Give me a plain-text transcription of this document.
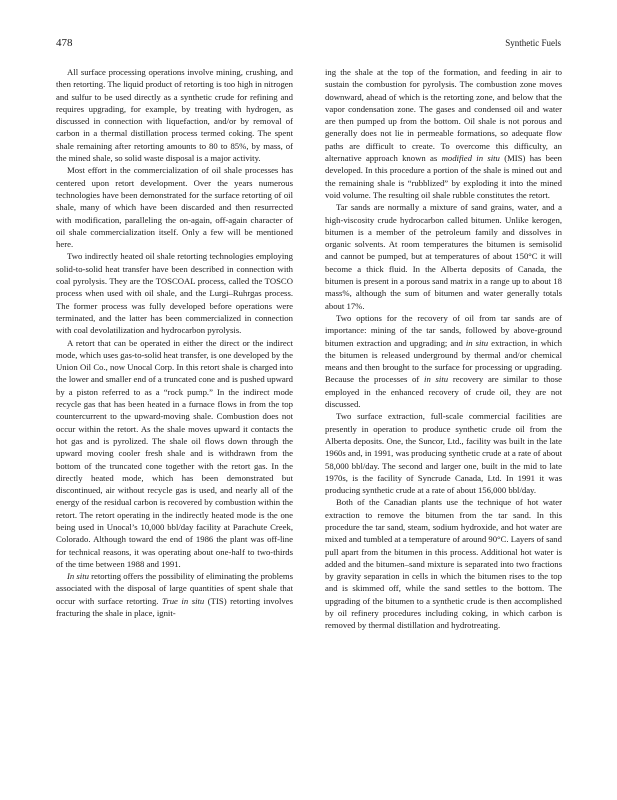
478	Synthetic Fuels

All surface processing operations involve mining, crushing, and then retorting. The liquid product of retorting is too high in nitrogen and sulfur to be used directly as a synthetic crude for refining and requires upgrading, for example, by treating with hydrogen, as discussed in connection with liquefaction, and/or by removal of carbon in a thermal distillation process termed coking. The spent shale remaining after retorting amounts to 80 to 85%, by mass, of the mined shale, so solid waste disposal is a major activity.

Most effort in the commercialization of oil shale processes has centered upon retort development. Over the years numerous technologies have been demonstrated for the surface retorting of oil shale, many of which have been discarded and then resurrected with modification, paralleling the on-again, off-again character of oil shale commercialization itself. Only a few will be mentioned here.

Two indirectly heated oil shale retorting technologies employing solid-to-solid heat transfer have been described in connection with coal pyrolysis. They are the TOSCOAL process, called the TOSCO process when used with oil shale, and the Lurgi–Ruhrgas process. The former process was fully developed before operations were terminated, and the latter has been commercialized in connection with coal devolatilization and hydrocarbon pyrolysis.

A retort that can be operated in either the direct or the indirect mode, which uses gas-to-solid heat transfer, is one developed by the Union Oil Co., now Unocal Corp. In this retort shale is charged into the lower and smaller end of a truncated cone and is pushed upward by a piston referred to as a “rock pump.” In the indirect mode recycle gas that has been heated in a furnace flows in from the top countercurrent to the upward-moving shale. Combustion does not occur within the retort. As the shale moves upward it contacts the hot gas and is pyrolized. The shale oil flows down through the upward moving cooler fresh shale and is withdrawn from the bottom of the truncated cone together with the retort gas. In the directly heated mode, which has been demonstrated but discontinued, air without recycle gas is used, and nearly all of the energy of the residual carbon is recovered by combustion within the retort. The retort operating in the indirectly heated mode is the one being used in Unocal’s 10,000 bbl/day facility at Parachute Creek, Colorado. Although toward the end of 1986 the plant was off-line for technical reasons, it was operating about one-half to two-thirds of the time between 1988 and 1991.

In situ retorting offers the possibility of eliminating the problems associated with the disposal of large quantities of spent shale that occur with surface retorting. True in situ (TIS) retorting involves fracturing the shale in place, ignit-

ing the shale at the top of the formation, and feeding in air to sustain the combustion for pyrolysis. The combustion zone moves downward, ahead of which is the retorting zone, and below that the vapor condensation zone. The gases and condensed oil and water are then pumped up from the bottom. Oil shale is not porous and generally does not lie in permeable formations, so adequate flow paths are difficult to create. To overcome this difficulty, an alternative approach known as modified in situ (MIS) has been developed. In this procedure a portion of the shale is mined out and the remaining shale is “rubblized” by exploding it into the mined void volume. The resulting oil shale rubble constitutes the retort.

Tar sands are normally a mixture of sand grains, water, and a high-viscosity crude hydrocarbon called bitumen. Unlike kerogen, bitumen is a member of the petroleum family and dissolves in organic solvents. At room temperatures the bitumen is semisolid and cannot be pumped, but at temperatures of about 150°C it will become a thick fluid. In the Alberta deposits of Canada, the bitumen is present in a porous sand matrix in a range up to about 18 mass%, although the sum of bitumen and water generally totals about 17%.

Two options for the recovery of oil from tar sands are of importance: mining of the tar sands, followed by above-ground bitumen extraction and upgrading; and in situ extraction, in which the bitumen is released underground by thermal and/or chemical means and then brought to the surface for processing or upgrading. Because the processes of in situ recovery are similar to those employed in the enhanced recovery of crude oil, they are not discussed.

Two surface extraction, full-scale commercial facilities are presently in operation to produce synthetic crude oil from the Alberta deposits. One, the Suncor, Ltd., facility was built in the late 1960s and, in 1991, was producing synthetic crude at a rate of about 58,000 bbl/day. The second and larger one, built in the mid to late 1970s, is the facility of Syncrude Canada, Ltd. In 1991 it was producing synthetic crude at a rate of about 156,000 bbl/day.

Both of the Canadian plants use the technique of hot water extraction to remove the bitumen from the tar sand. In this procedure the tar sand, steam, sodium hydroxide, and hot water are mixed and tumbled at a temperature of around 90°C. Layers of sand pull apart from the bitumen in this process. Additional hot water is added and the bitumen–sand mixture is separated into two fractions by gravity separation in cells in which the bitumen rises to the top and is skimmed off, while the sand settles to the bottom. The upgrading of the bitumen to a synthetic crude is then accomplished by oil refinery procedures including coking, in which carbon is removed by thermal distillation and hydrotreating.
